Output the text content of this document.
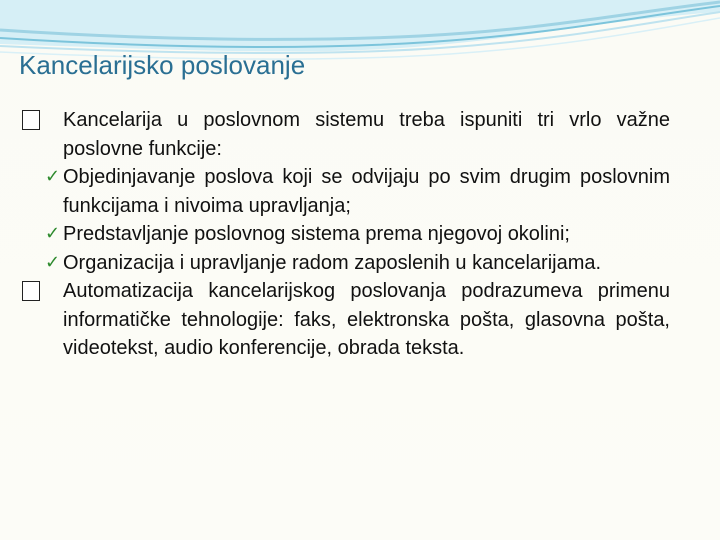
Kancelarijsko poslovanje
Kancelarija u poslovnom sistemu treba ispuniti tri vrlo važne poslovne funkcije:
✓ Objedinjavanje poslova koji se odvijaju po svim drugim poslovnim funkcijama i nivoima upravljanja;
✓ Predstavljanje poslovnog sistema prema njegovoj okolini;
✓ Organizacija i upravljanje radom zaposlenih u kancelarijama.
Automatizacija kancelarijskog poslovanja podrazumeva primenu informatičke tehnologije: faks, elektronska pošta, glasovna pošta, videotekst, audio konferencije, obrada teksta.
